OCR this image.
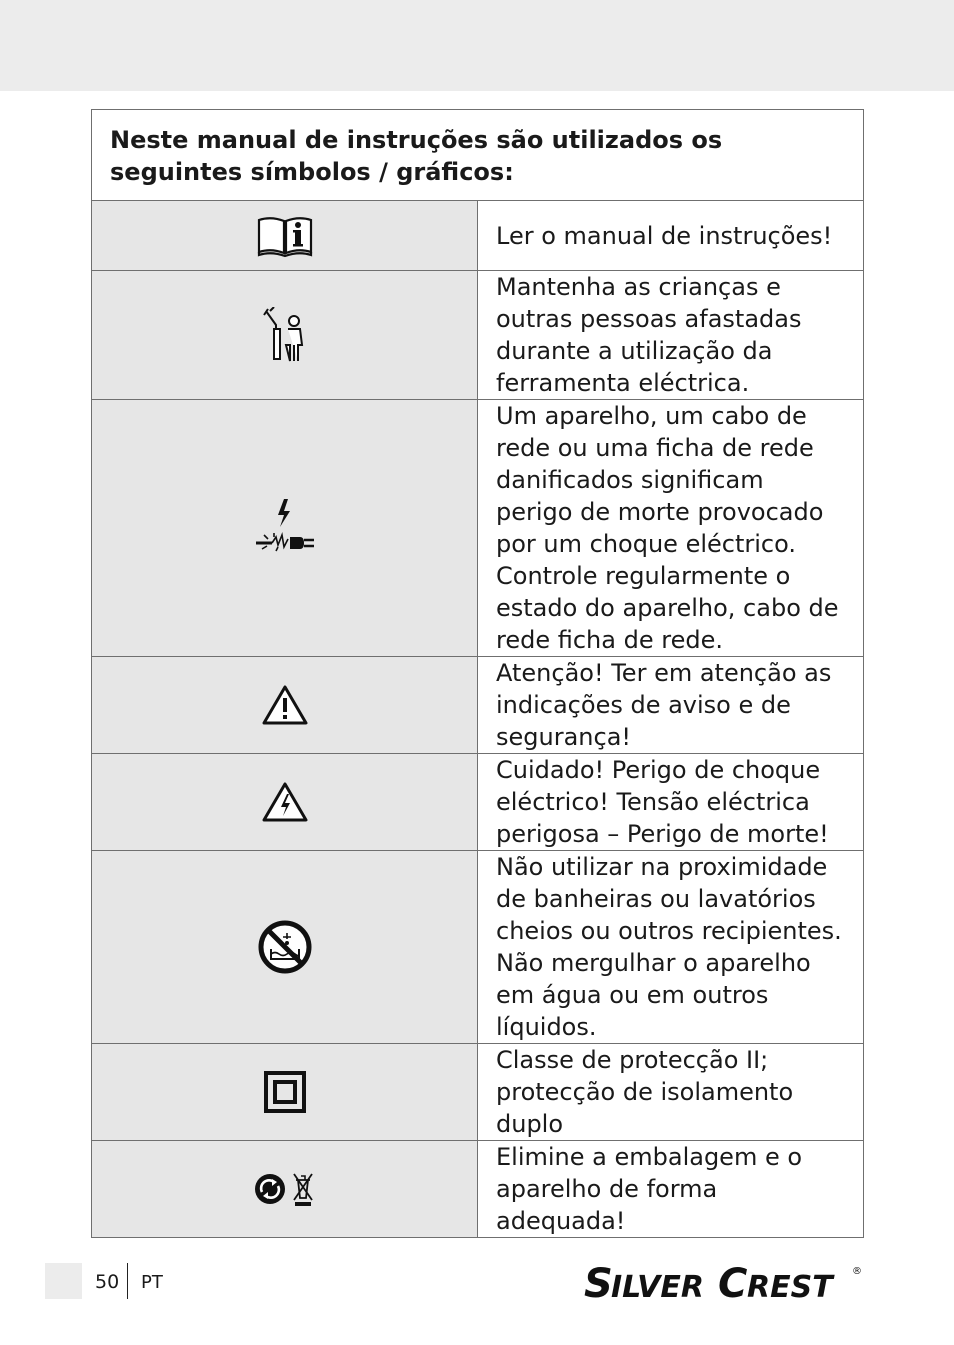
Neste manual de instruções são utilizados os seguintes símbolos / gráficos:	

	Ler o manual de instruções!

	Mantenha as crianças e outras pessoas afastadas durante a utilização da ferramenta eléctrica.

	Um aparelho, um cabo de rede ou uma ficha de rede danificados significam perigo de morte provocado por um choque eléctrico. Controle regularmente o estado do aparelho, cabo de rede ficha de rede.

	Atenção! Ter em atenção as indicações de aviso e de segurança!

	Cuidado! Perigo de choque eléctrico! Tensão eléctrica perigosa – Perigo de morte!

	Não utilizar na proximidade de banheiras ou lavatórios cheios ou outros recipientes. Não mergulhar o aparelho em água ou em outros líquidos.

	Classe de protecção II; protecção de isolamento duplo

	Elimine a embalagem e o aparelho de forma adequada!
50 PT	S
ILVER C REST ®
